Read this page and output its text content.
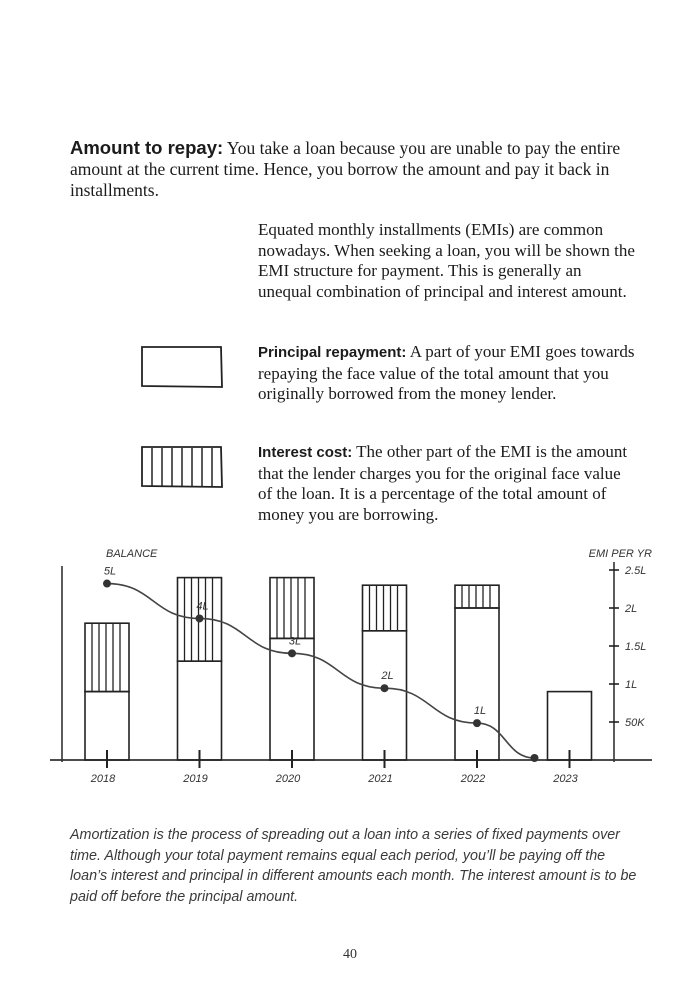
Amount to repay: You take a loan because you are unable to pay the entire amount at the current time. Hence, you borrow the amount and pay it back in installments.
Equated monthly installments (EMIs) are common nowadays. When seeking a loan, you will be shown the EMI structure for payment. This is generally an unequal combination of principal and interest amount.
Principal repayment: A part of your EMI goes towards repaying the face value of the total amount that you originally borrowed from the money lender.
Interest cost: The other part of the EMI is the amount that the lender charges you for the original face value of the loan. It is a percentage of the total amount of money you are borrowing.
BALANCE	EMI PER YR
2018	2019	2020	2021	2022	2023
50K
1L
1.5L
2L
2.5L
5L
4L
3L
2L
1L
Amortization is the process of spreading out a loan into a series of fixed payments over time. Although your total payment remains equal each period, you’ll be paying off the loan’s interest and principal in different amounts each month. The interest amount is to be paid off before the principal amount.
40
